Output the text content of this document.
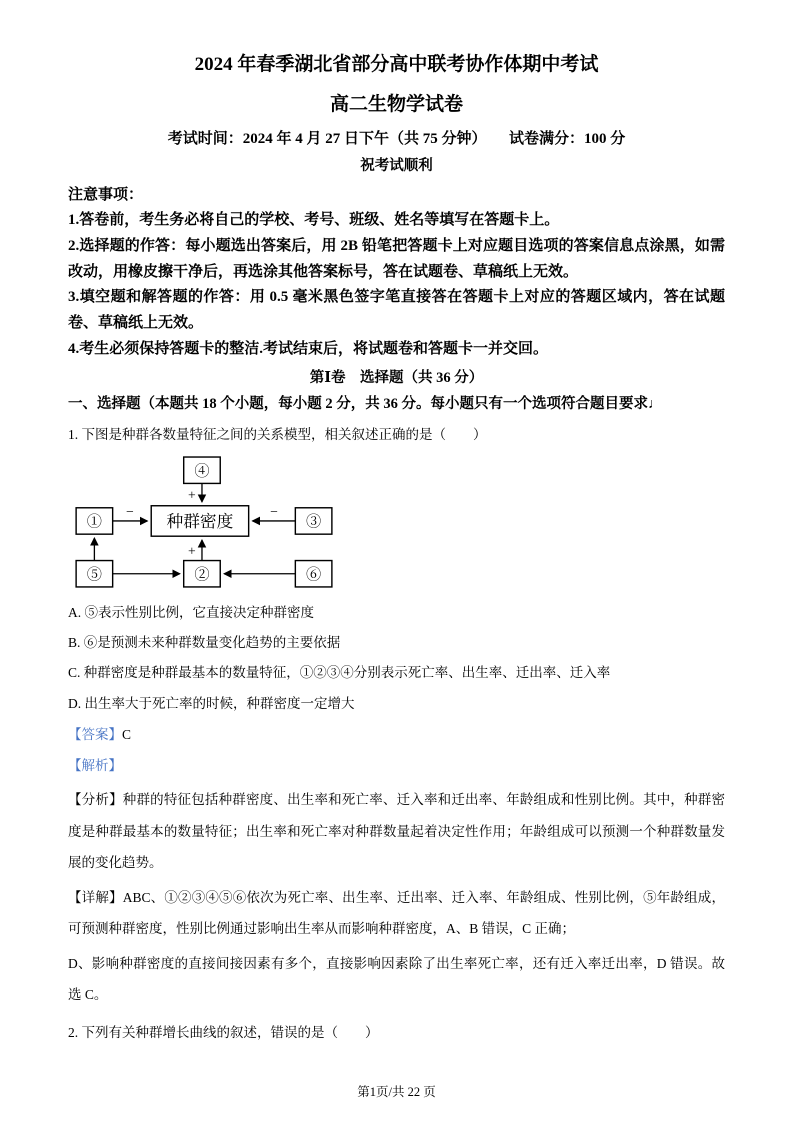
2024 年春季湖北省部分高中联考协作体期中考试
高二生物学试卷
考试时间：2024 年 4 月 27 日下午（共 75 分钟）　　试卷满分：100 分
祝考试顺利
注意事项：

1.答卷前，考生务必将自己的学校、考号、班级、姓名等填写在答题卡上。

2.选择题的作答：每小题选出答案后，用 2B 铅笔把答题卡上对应题目选项的答案信息点涂黑，如需改动，用橡皮擦干净后，再选涂其他答案标号，答在试题卷、草稿纸上无效。

3.填空题和解答题的作答：用 0.5 毫米黑色签字笔直接答在答题卡上对应的答题区域内，答在试题卷、草稿纸上无效。

4.考生必须保持答题卡的整洁.考试结束后，将试题卷和答题卡一并交回。

第Ⅰ卷　选择题（共 36 分）
一、选择题（本题共 18 个小题，每小题 2 分，共 36 分。每小题只有一个选项符合题目要求♩

1. 下图是种群各数量特征之间的关系模型，相关叙述正确的是（　　）

④
①	种群密度	③
⑤	②	⑥
+
−	−
+
A. ⑤表示性别比例，它直接决定种群密度
B. ⑥是预测未来种群数量变化趋势的主要依据
C. 种群密度是种群最基本的数量特征，①②③④分别表示死亡率、出生率、迁出率、迁入率
D. 出生率大于死亡率的时候，种群密度一定增大
【答案】C
【解析】

【分析】种群的特征包括种群密度、出生率和死亡率、迁入率和迁出率、年龄组成和性别比例。其中，种群密度是种群最基本的数量特征；出生率和死亡率对种群数量起着决定性作用；年龄组成可以预测一个种群数量发展的变化趋势。

【详解】ABC、①②③④⑤⑥依次为死亡率、出生率、迁出率、迁入率、年龄组成、性别比例，⑤年龄组成，可预测种群密度，性别比例通过影响出生率从而影响种群密度，A、B 错误，C 正确；

D、影响种群密度的直接间接因素有多个，直接影响因素除了出生率死亡率，还有迁入率迁出率，D 错误。故选 C。

2. 下列有关种群增长曲线的叙述，错误的是（　　）

第1页/共 22 页
